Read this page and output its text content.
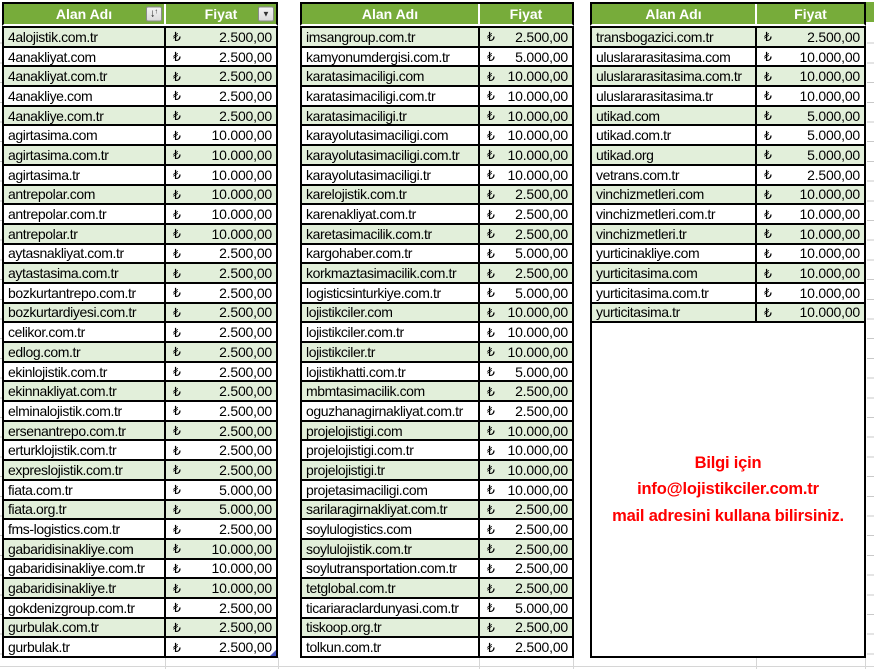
Alan Adı	↓ ↑	Fiyat	▼
4alojistik.com.tr	₺	2.500,00
4anakliyat.com	₺	2.500,00
4anakliyat.com.tr	₺	2.500,00
4anakliye.com	₺	2.500,00
4anakliye.com.tr	₺	2.500,00
agirtasima.com	₺ 10.000,00
agirtasima.com.tr	₺ 10.000,00
agirtasima.tr	₺ 10.000,00
antrepolar.com	₺ 10.000,00
antrepolar.com.tr	₺ 10.000,00
antrepolar.tr	₺ 10.000,00
aytasnakliyat.com.tr	₺	2.500,00
aytastasima.com.tr	₺	2.500,00
bozkurtantrepo.com.tr	₺	2.500,00
bozkurtardiyesi.com.tr	₺	2.500,00
celikor.com.tr	₺	2.500,00
edlog.com.tr	₺	2.500,00
ekinlojistik.com.tr	₺	2.500,00
ekinnakliyat.com.tr	₺	2.500,00
elminalojistik.com.tr	₺	2.500,00
ersenantrepo.com.tr	₺	2.500,00
erturklojistik.com.tr	₺	2.500,00
expreslojistik.com.tr	₺	2.500,00
fiata.com.tr	₺	5.000,00
fiata.org.tr	₺	5.000,00
fms-logistics.com.tr	₺	2.500,00
gabaridisinakliye.com	₺ 10.000,00
gabaridisinakliye.com.tr	₺ 10.000,00
gabaridisinakliye.tr	₺ 10.000,00
gokdenizgroup.com.tr	₺	2.500,00
gurbulak.com.tr	₺	2.500,00
gurbulak.tr	₺	2.500,00
Alan Adı	Fiyat
imsangroup.com.tr	₺ 2.500,00
kamyonumdergisi.com.tr	₺ 5.000,00
karatasimaciligi.com	₺ 10.000,00
karatasimaciligi.com.tr	₺ 10.000,00
karatasimaciligi.tr	₺ 10.000,00
karayolutasimaciligi.com	₺ 10.000,00
karayolutasimaciligi.com.tr	₺ 10.000,00
karayolutasimaciligi.tr	₺ 10.000,00
karelojistik.com.tr	₺ 2.500,00
karenakliyat.com.tr	₺ 2.500,00
karetasimacilik.com.tr	₺ 2.500,00
kargohaber.com.tr	₺ 5.000,00
korkmaztasimacilik.com.tr	₺ 2.500,00
logisticsinturkiye.com.tr	₺ 5.000,00
lojistikciler.com	₺ 10.000,00
lojistikciler.com.tr	₺ 10.000,00
lojistikciler.tr	₺ 10.000,00
lojistikhatti.com.tr	₺ 5.000,00
mbmtasimacilik.com	₺ 2.500,00
oguzhanagirnakliyat.com.tr	₺ 2.500,00
projelojistigi.com	₺ 10.000,00
projelojistigi.com.tr	₺ 10.000,00
projelojistigi.tr	₺ 10.000,00
projetasimaciligi.com	₺ 10.000,00
sarilaragirnakliyat.com.tr	₺ 2.500,00
soylulogistics.com	₺ 2.500,00
soylulojistik.com.tr	₺ 2.500,00
soylutransportation.com.tr	₺ 2.500,00
tetglobal.com.tr	₺ 2.500,00
ticariaraclardunyasi.com.tr	₺ 5.000,00
tiskoop.org.tr	₺ 2.500,00
tolkun.com.tr	₺ 2.500,00
Alan Adı	Fiyat
transbogazici.com.tr	₺	2.500,00
uluslararasitasima.com	₺ 10.000,00
uluslararasitasima.com.tr	₺ 10.000,00
uluslararasitasima.tr	₺ 10.000,00
utikad.com	₺	5.000,00
utikad.com.tr	₺	5.000,00
utikad.org	₺	5.000,00
vetrans.com.tr	₺	2.500,00
vinchizmetleri.com	₺ 10.000,00
vinchizmetleri.com.tr	₺ 10.000,00
vinchizmetleri.tr	₺ 10.000,00
yurticinakliye.com	₺ 10.000,00
yurticitasima.com	₺ 10.000,00
yurticitasima.com.tr	₺ 10.000,00
yurticitasima.tr	₺ 10.000,00
Bilgi için
info@lojistikciler.com.tr
mail adresini kullana bilirsiniz.
